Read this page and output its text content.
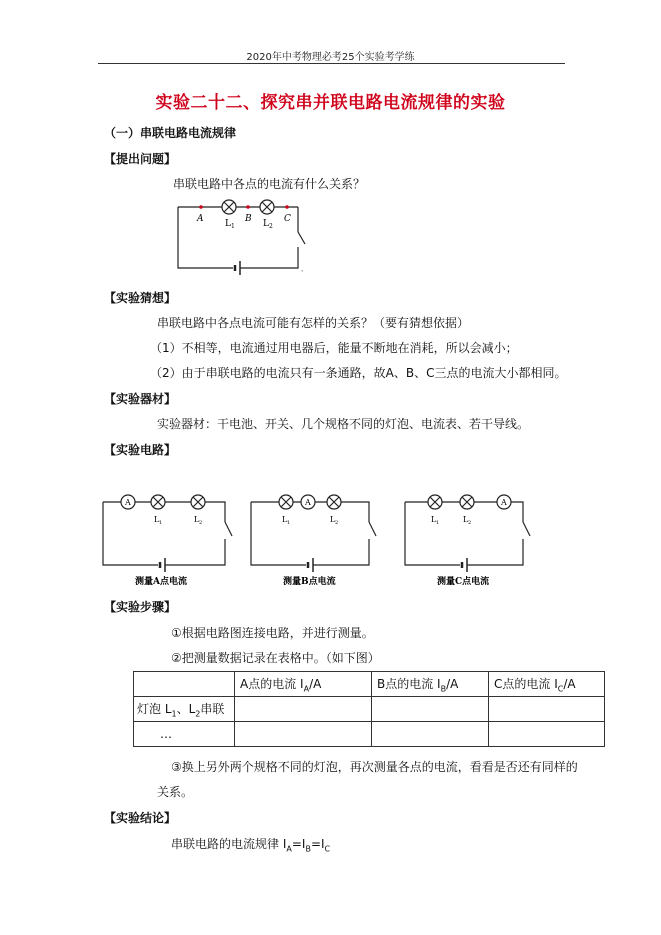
2020年中考物理必考25个实验考学练
实验二十二、探究串并联电路电流规律的实验
（一）串联电路电流规律
【提出问题】
串联电路中各点的电流有什么关系？
A	B	C
L 1	L 2
、
【实验猜想】
串联电路中各点电流可能有怎样的关系？（要有猜想依据）
（1）不相等，电流通过用电器后，能量不断地在消耗，所以会减小；
（2）由于串联电路的电流只有一条通路，故A、B、C三点的电流大小都相同。
【实验器材】
实验器材：干电池、开关、几个规格不同的灯泡、电流表、若干导线。
【实验电路】
A	A	A
L 1	L 2	L 1	L 2	L 1	L 2
测量A点电流	测量B点电流	测量C点电流
【实验步骤】
①根据电路图连接电路，并进行测量。
②把测量数据记录在表格中。（如下图）
	A点的电流 $I_A/A$	B点的电流 $I_B/A$	C点的电流 $I_C/A$
灯泡 $L_1$、$L_2$串联			
…			
③换上另外两个规格不同的灯泡，再次测量各点的电流，看看是否还有同样的
关系。
【实验结论】
串联电路的电流规律 $I_A=I_B=I_C$
